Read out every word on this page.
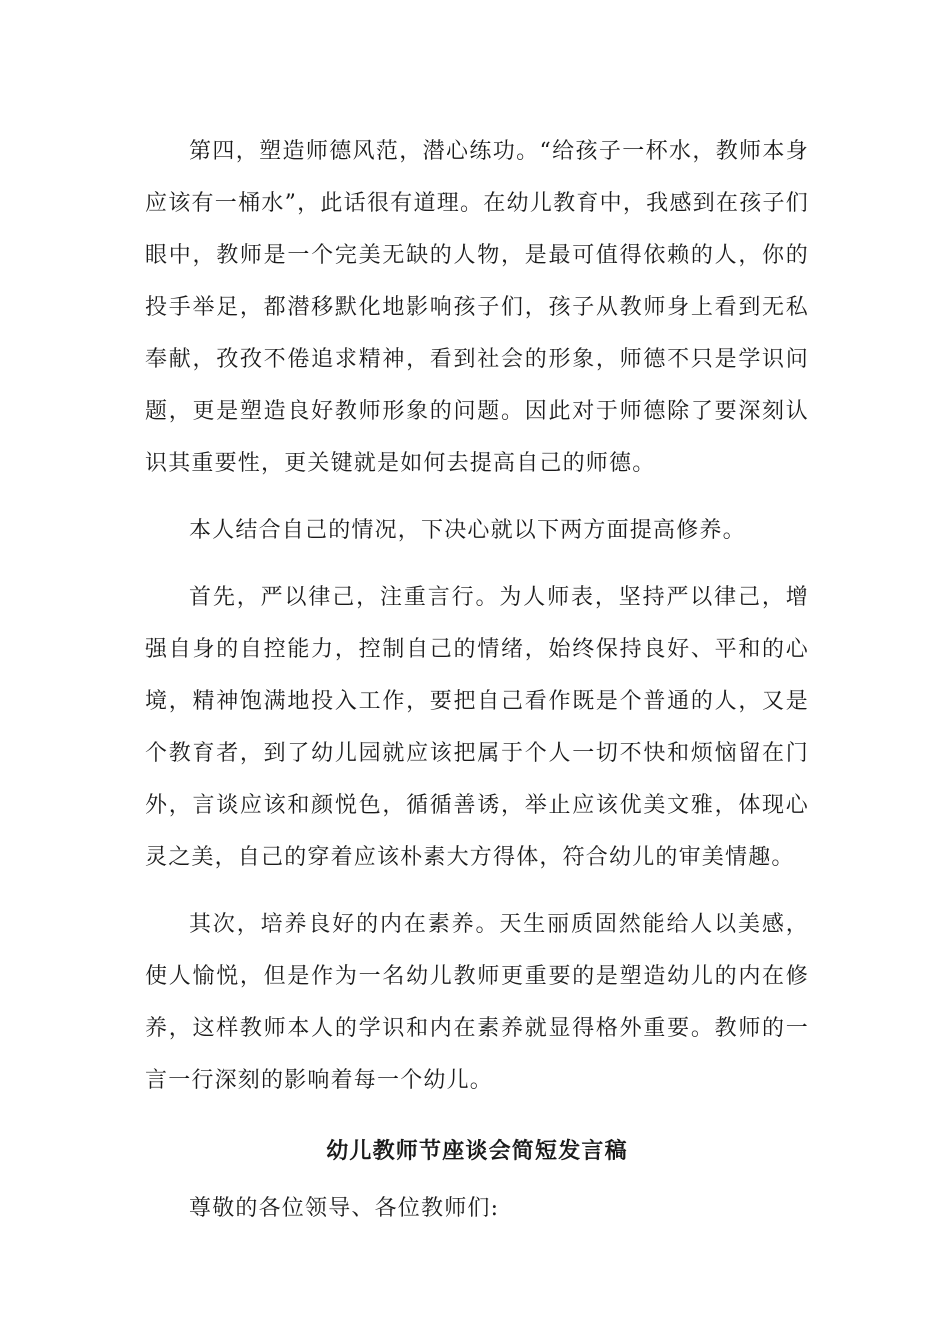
第四，塑造师德风范，潜心练功。“给孩子一杯水，教师本身应该有一桶水”，此话很有道理。在幼儿教育中，我感到在孩子们眼中，教师是一个完美无缺的人物，是最可值得依赖的人，你的投手举足，都潜移默化地影响孩子们，孩子从教师身上看到无私奉献，孜孜不倦追求精神，看到社会的形象，师德不只是学识问题，更是塑造良好教师形象的问题。因此对于师德除了要深刻认识其重要性，更关键就是如何去提高自己的师德。

本人结合自己的情况，下决心就以下两方面提高修养。

首先，严以律己，注重言行。为人师表，坚持严以律己，增强自身的自控能力，控制自己的情绪，始终保持良好、平和的心境，精神饱满地投入工作，要把自己看作既是个普通的人，又是个教育者，到了幼儿园就应该把属于个人一切不快和烦恼留在门外，言谈应该和颜悦色，循循善诱，举止应该优美文雅，体现心灵之美，自己的穿着应该朴素大方得体，符合幼儿的审美情趣。

其次，培养良好的内在素养。天生丽质固然能给人以美感，使人愉悦，但是作为一名幼儿教师更重要的是塑造幼儿的内在修养，这样教师本人的学识和内在素养就显得格外重要。教师的一言一行深刻的影响着每一个幼儿。

幼儿教师节座谈会简短发言稿

尊敬的各位领导、各位教师们:
